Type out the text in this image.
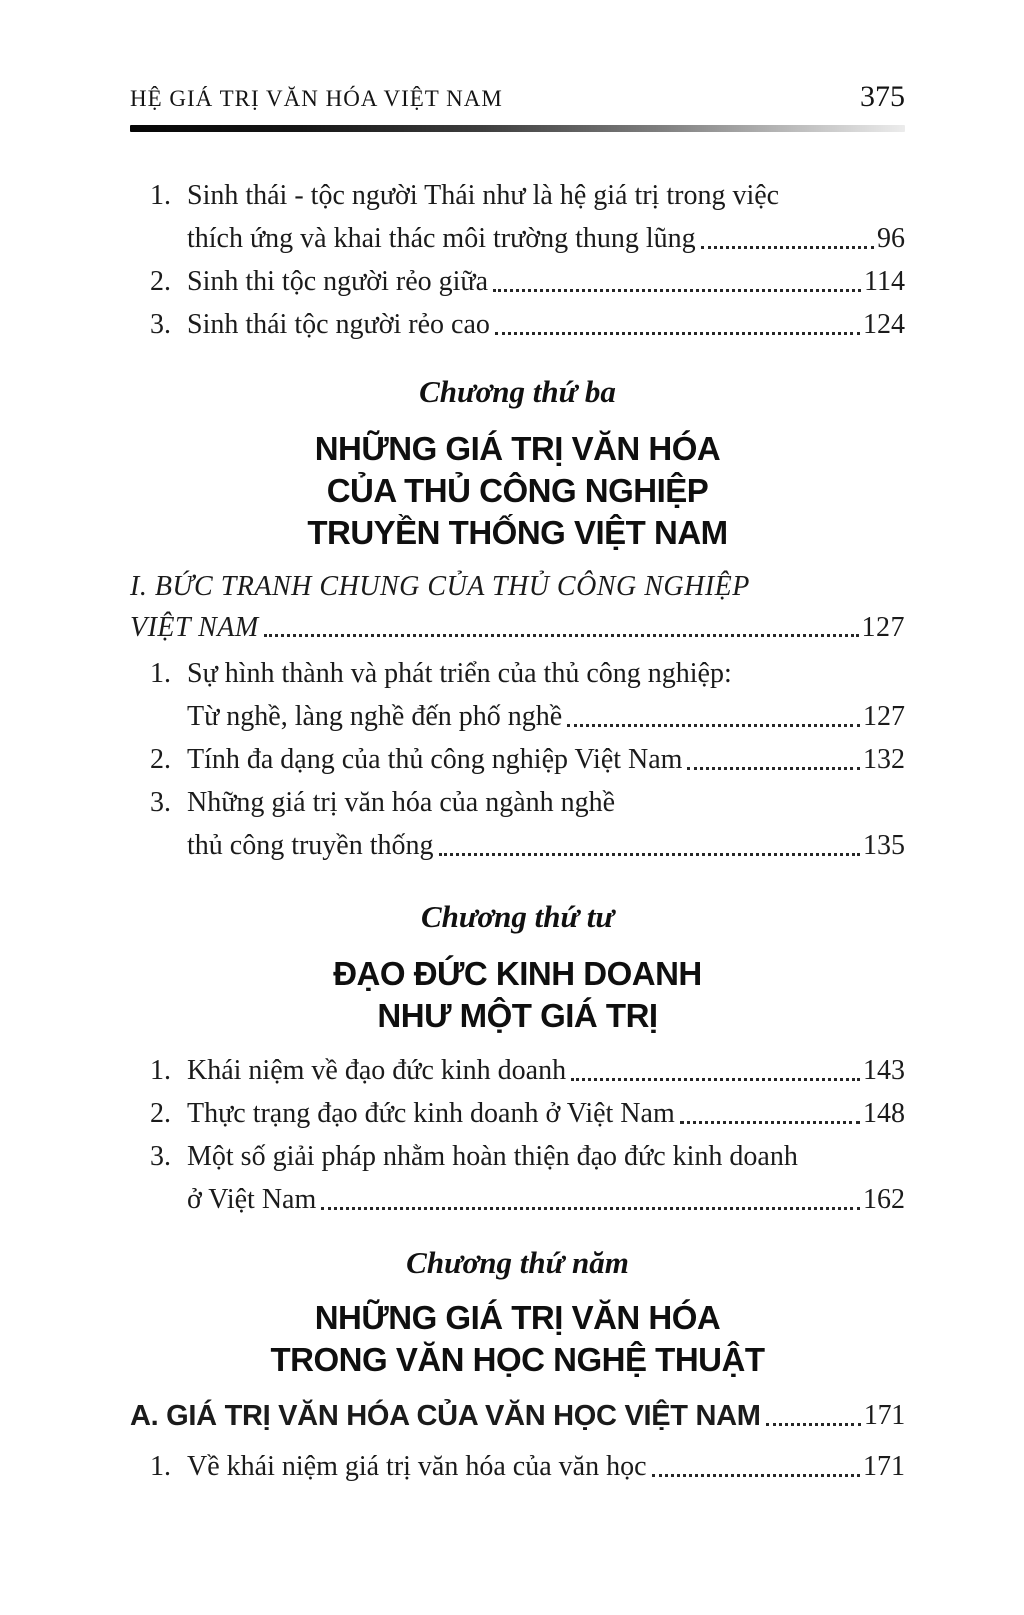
HỆ GIÁ TRỊ VĂN HÓA VIỆT NAM	375
1. Sinh thái - tộc người Thái như là hệ giá trị trong việc
thích ứng và khai thác môi trường thung lũng	96
2. Sinh thi tộc người rẻo giữa	114
3. Sinh thái tộc người rẻo cao	124
Chương thứ ba
NHỮNG GIÁ TRỊ VĂN HÓA
CỦA THỦ CÔNG NGHIỆP
TRUYỀN THỐNG VIỆT NAM
I. BỨC TRANH CHUNG CỦA THỦ CÔNG NGHIỆP
VIỆT NAM	127
1. Sự hình thành và phát triển của thủ công nghiệp:
Từ nghề, làng nghề đến phố nghề	127
2. Tính đa dạng của thủ công nghiệp Việt Nam	132
3. Những giá trị văn hóa của ngành nghề
thủ công truyền thống	135
Chương thứ tư
ĐẠO ĐỨC KINH DOANH
NHƯ MỘT GIÁ TRỊ
1. Khái niệm về đạo đức kinh doanh	143
2. Thực trạng đạo đức kinh doanh ở Việt Nam	148
3. Một số giải pháp nhằm hoàn thiện đạo đức kinh doanh
ở Việt Nam	162
Chương thứ năm
NHỮNG GIÁ TRỊ VĂN HÓA
TRONG VĂN HỌC NGHỆ THUẬT
A. GIÁ TRỊ VĂN HÓA CỦA VĂN HỌC VIỆT NAM	171
1. Về khái niệm giá trị văn hóa của văn học	171
